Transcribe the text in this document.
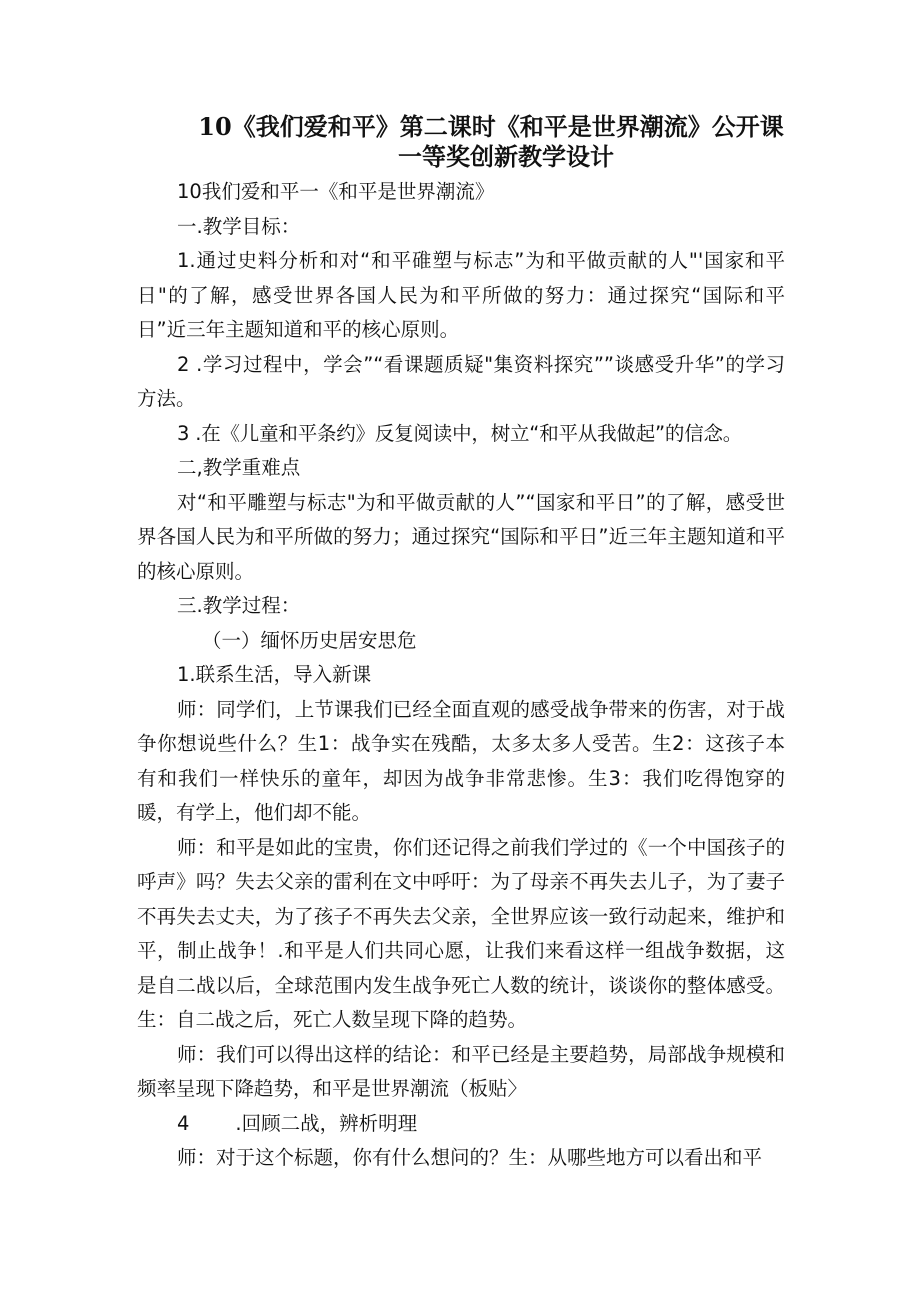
10《我们爱和平》第二课时《和平是世界潮流》公开课
一等奖创新教学设计

10我们爱和平一《和平是世界潮流》

一.教学目标：

1.通过史料分析和对“和平碓塑与标志”为和平做贡献的人"'国家和平日"的了解，感受世界各国人民为和平所做的努力：通过探究“国际和平日”近三年主题知道和平的核心原则。

2 .学习过程中，学会”“看课题质疑"集资料探究””谈感受升华”的学习方法。

3 .在《儿童和平条约》反复阅读中，树立“和平从我做起”的信念。

二,教学重难点

对“和平雕塑与标志"为和平做贡献的人”“国家和平日”的了解，感受世界各国人民为和平所做的努力；通过探究“国际和平日”近三年主题知道和平的核心原则。

三.教学过程：

（一）缅怀历史居安思危

1.联系生活，导入新课

师：同学们，上节课我们已经全面直观的感受战争带来的伤害，对于战争你想说些什么？生1：战争实在残酷，太多太多人受苦。生2：这孩子本有和我们一样快乐的童年，却因为战争非常悲惨。生3：我们吃得饱穿的暖，有学上，他们却不能。

师：和平是如此的宝贵，你们还记得之前我们学过的《一个中国孩子的呼声》吗？失去父亲的雷利在文中呼吁：为了母亲不再失去儿子，为了妻子不再失去丈夫，为了孩子不再失去父亲，全世界应该一致行动起来，维护和平，制止战争！.和平是人们共同心愿，让我们来看这样一组战争数据，这是自二战以后，全球范围内发生战争死亡人数的统计，谈谈你的整体感受。生：自二战之后，死亡人数呈现下降的趋势。

师：我们可以得出这样的结论：和平已经是主要趋势，局部战争规模和频率呈现下降趋势，和平是世界潮流（板贴〉

4 .回顾二战，辨析明理

师：对于这个标题，你有什么想问的？生：从哪些地方可以看出和平
